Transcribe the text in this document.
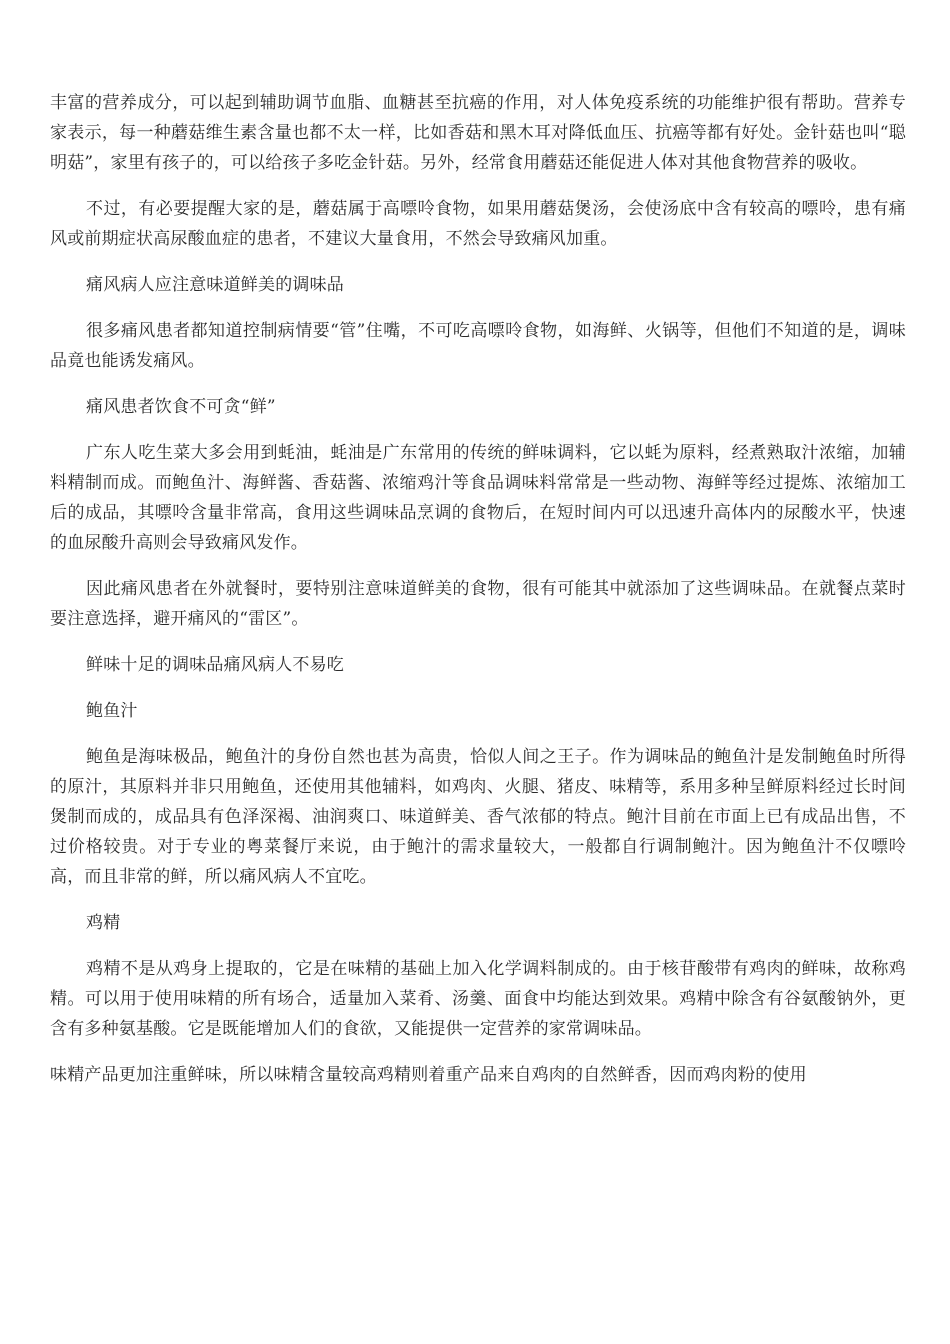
丰富的营养成分，可以起到辅助调节血脂、血糖甚至抗癌的作用，对人体免疫系统的功能维护很有帮助。营养专家表示，每一种蘑菇维生素含量也都不太一样，比如香菇和黑木耳对降低血压、抗癌等都有好处。金针菇也叫“聪明菇”，家里有孩子的，可以给孩子多吃金针菇。另外，经常食用蘑菇还能促进人体对其他食物营养的吸收。

不过，有必要提醒大家的是，蘑菇属于高嘌呤食物，如果用蘑菇煲汤，会使汤底中含有较高的嘌呤，患有痛风或前期症状高尿酸血症的患者，不建议大量食用，不然会导致痛风加重。

痛风病人应注意味道鲜美的调味品

很多痛风患者都知道控制病情要“管”住嘴，不可吃高嘌呤食物，如海鲜、火锅等，但他们不知道的是，调味品竟也能诱发痛风。

痛风患者饮食不可贪“鲜”

广东人吃生菜大多会用到蚝油，蚝油是广东常用的传统的鲜味调料，它以蚝为原料，经煮熟取汁浓缩，加辅料精制而成。而鲍鱼汁、海鲜酱、香菇酱、浓缩鸡汁等食品调味料常常是一些动物、海鲜等经过提炼、浓缩加工后的成品，其嘌呤含量非常高，食用这些调味品烹调的食物后，在短时间内可以迅速升高体内的尿酸水平，快速的血尿酸升高则会导致痛风发作。

因此痛风患者在外就餐时，要特别注意味道鲜美的食物，很有可能其中就添加了这些调味品。在就餐点菜时要注意选择，避开痛风的“雷区”。

鲜味十足的调味品痛风病人不易吃

鲍鱼汁

鲍鱼是海味极品，鲍鱼汁的身份自然也甚为高贵，恰似人间之王子。作为调味品的鲍鱼汁是发制鲍鱼时所得的原汁，其原料并非只用鲍鱼，还使用其他辅料，如鸡肉、火腿、猪皮、味精等，系用多种呈鲜原料经过长时间煲制而成的，成品具有色泽深褐、油润爽口、味道鲜美、香气浓郁的特点。鲍汁目前在市面上已有成品出售，不过价格较贵。对于专业的粤菜餐厅来说，由于鲍汁的需求量较大，一般都自行调制鲍汁。因为鲍鱼汁不仅嘌呤高，而且非常的鲜，所以痛风病人不宜吃。

鸡精

鸡精不是从鸡身上提取的，它是在味精的基础上加入化学调料制成的。由于核苷酸带有鸡肉的鲜味，故称鸡精。可以用于使用味精的所有场合，适量加入菜肴、汤羹、面食中均能达到效果。鸡精中除含有谷氨酸钠外，更含有多种氨基酸。它是既能增加人们的食欲，又能提供一定营养的家常调味品。

味精产品更加注重鲜味，所以味精含量较高鸡精则着重产品来自鸡肉的自然鲜香，因而鸡肉粉的使用
